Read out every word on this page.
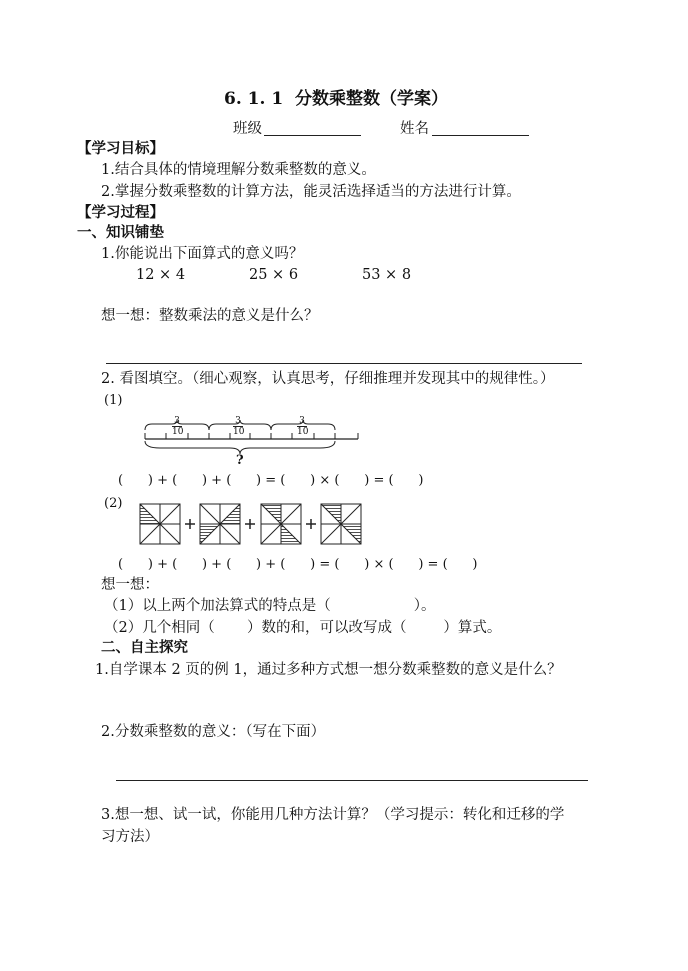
6. 1. 1  分数乘整数（学案）
班级	姓名
【学习目标】
1.结合具体的情境理解分数乘整数的意义。
2.掌握分数乘整数的计算方法，能灵活选择适当的方法进行计算。
【学习过程】
一、知识铺垫
1.你能说出下面算式的意义吗？
12 × 4	25 × 6	53 × 8
想一想：整数乘法的意义是什么？
2. 看图填空。（细心观察，认真思考，仔细推理并发现其中的规律性。）
(1)

3
10

3
10

3
10

?
(      ) + (      ) + (      ) = (      ) × (      ) = (      )
(2)
(      ) + (      ) + (      ) + (      ) = (      ) × (      ) = (      )
想一想：
（1）以上两个加法算式的特点是（                  ）。
（2）几个相同（       ）数的和，可以改写成（        ）算式。
二、自主探究
1.自学课本 2 页的例 1，通过多种方式想一想分数乘整数的意义是什么？
2.分数乘整数的意义：（写在下面）
3.想一想、试一试，你能用几种方法计算？（学习提示：转化和迁移的学
习方法）
